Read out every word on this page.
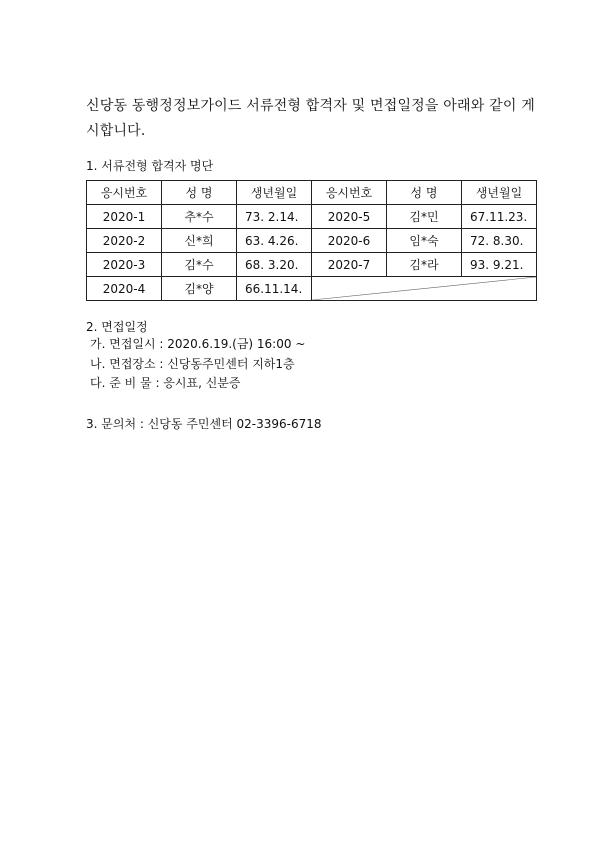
신당동 동행정정보가이드 서류전형 합격자 및 면접일정을 아래와 같이 게시합니다.
1. 서류전형 합격자 명단
응시번호	성 명	생년월일	응시번호	성 명	생년월일
2020-1	추*수	73. 2.14.	2020-5	김*민	67.11.23.
2020-2	신*희	63. 4.26.	2020-6	임*숙	72. 8.30.
2020-3	김*수	68. 3.20.	2020-7	김*라	93. 9.21.
2020-4	김*양	66.11.14.	
2. 면접일정
가. 면접일시 : 2020.6.19.(금) 16:00 ~
나. 면접장소 : 신당동주민센터 지하1층
다. 준 비 물 : 응시표, 신분증
3. 문의처 : 신당동 주민센터 02-3396-6718
